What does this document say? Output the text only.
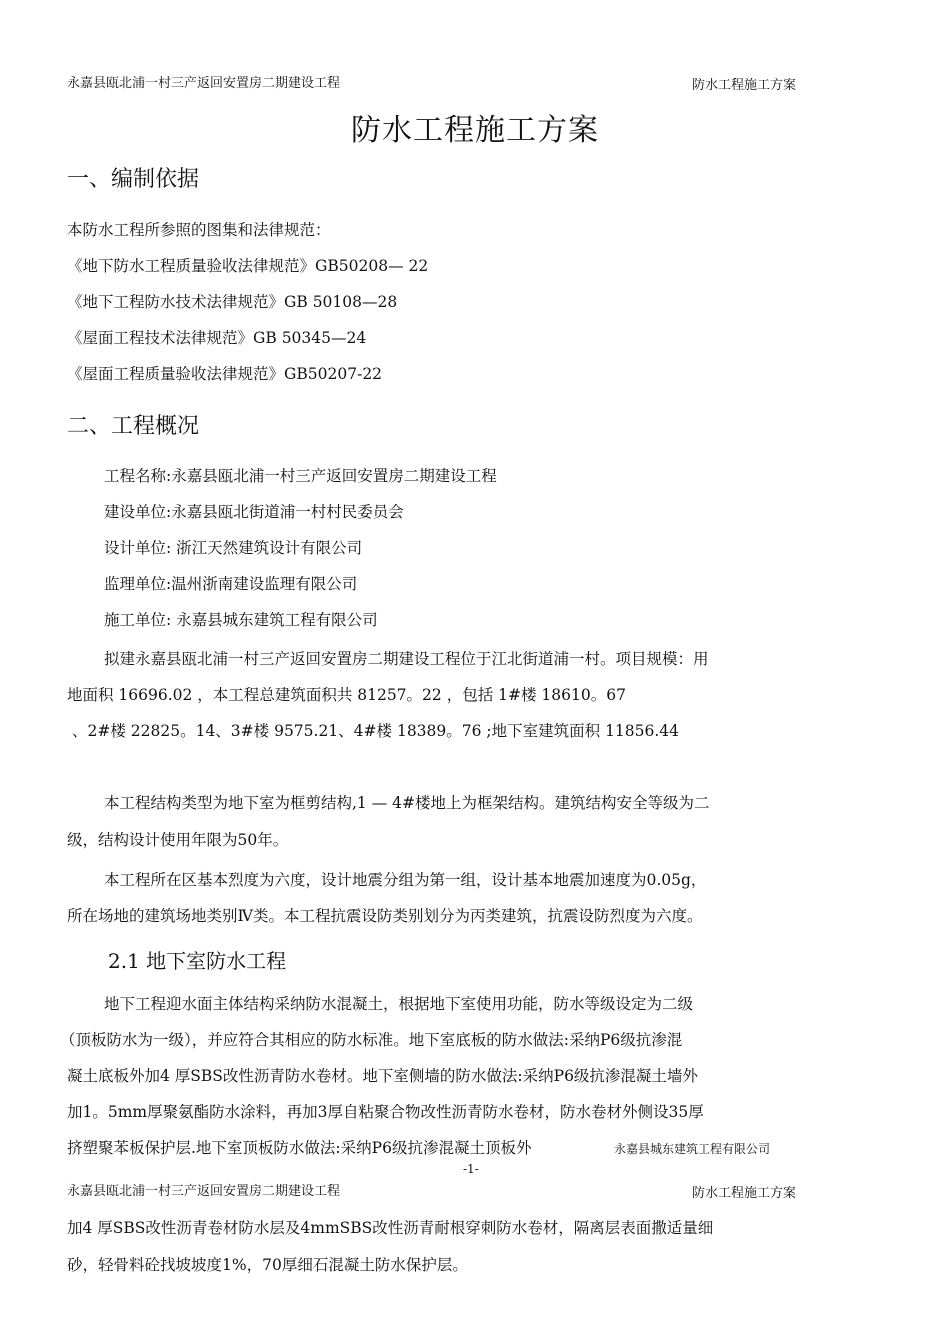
永嘉县瓯北浦一村三产返回安置房二期建设工程	防水工程施工方案
防水工程施工方案
一、编制依据
本防水工程所参照的图集和法律规范：
《地下防水工程质量验收法律规范》GB50208— 22
《地下工程防水技术法律规范》GB 50108—28
《屋面工程技术法律规范》GB 50345—24
《屋面工程质量验收法律规范》GB50207-22
二、工程概况
工程名称:永嘉县瓯北浦一村三产返回安置房二期建设工程
建设单位:永嘉县瓯北街道浦一村村民委员会
设计单位: 浙江天然建筑设计有限公司
监理单位:温州浙南建设监理有限公司
施工单位: 永嘉县城东建筑工程有限公司
拟建永嘉县瓯北浦一村三产返回安置房二期建设工程位于江北街道浦一村。项目规模：用
地面积 16696.02 ，本工程总建筑面积共 81257。22 ，包括 1#楼 18610。67
、2#楼 22825。14、3#楼 9575.21、4#楼 18389。76 ;地下室建筑面积 11856.44
本工程结构类型为地下室为框剪结构,1 — 4#楼地上为框架结构。建筑结构安全等级为二
级，结构设计使用年限为50年。
本工程所在区基本烈度为六度，设计地震分组为第一组，设计基本地震加速度为0.05g，
所在场地的建筑场地类别Ⅳ类。本工程抗震设防类别划分为丙类建筑，抗震设防烈度为六度。
2.1 地下室防水工程
地下工程迎水面主体结构采纳防水混凝土，根据地下室使用功能，防水等级设定为二级
（顶板防水为一级），并应符合其相应的防水标准。地下室底板的防水做法:采纳P6级抗渗混
凝土底板外加4 厚SBS改性沥青防水卷材。地下室侧墙的防水做法:采纳P6级抗渗混凝土墙外
加1。5mm厚聚氨酯防水涂料，再加3厚自粘聚合物改性沥青防水卷材，防水卷材外侧设35厚
挤塑聚苯板保护层.地下室顶板防水做法:采纳P6级抗渗混凝土顶板外	永嘉县城东建筑工程有限公司
-1-
永嘉县瓯北浦一村三产返回安置房二期建设工程	防水工程施工方案
加4 厚SBS改性沥青卷材防水层及4mmSBS改性沥青耐根穿刺防水卷材，隔离层表面撒适量细
砂，轻骨料砼找坡坡度1%，70厚细石混凝土防水保护层。
